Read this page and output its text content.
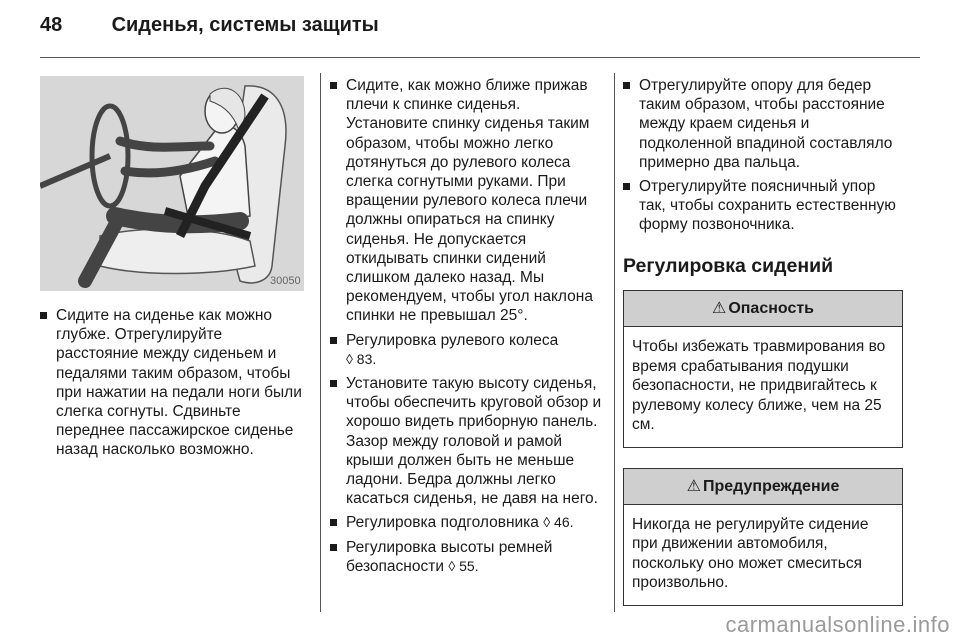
48 Сиденья, системы защиты
30050
Сидите на сиденье как можно глубже. Отрегулируйте расстояние между сиденьем и педалями таким образом, чтобы при нажатии на педали ноги были слегка согнуты. Сдвиньте переднее пассажирское сиденье назад насколько возможно.
Сидите, как можно ближе прижав плечи к спинке сиденья. Установите спинку сиденья таким образом, чтобы можно легко дотянуться до рулевого колеса слегка согнутыми руками. При вращении рулевого колеса плечи должны опираться на спинку сиденья. Не допускается откидывать спинки сидений слишком далеко назад. Мы рекомендуем, чтобы угол наклона спинки не превышал 25°.
Регулировка рулевого колеса
◊ 83.
Установите такую высоту сиденья, чтобы обеспечить круговой обзор и хорошо видеть приборную панель. Зазор между головой и рамой крыши должен быть не меньше ладони. Бедра должны легко касаться сиденья, не давя на него.
Регулировка подголовника ◊ 46.
Регулировка высоты ремней безопасности ◊ 55.
Отрегулируйте опору для бедер таким образом, чтобы расстояние между краем сиденья и подколенной впадиной составляло примерно два пальца.
Отрегулируйте поясничный упор так, чтобы сохранить естественную форму позвоночника.
Регулировка сидений
⚠ Опасность
Чтобы избежать травмирования во время срабатывания подушки безопасности, не придвигайтесь к рулевому колесу ближе, чем на 25 см.
⚠ Предупреждение
Никогда не регулируйте сидение при движении автомобиля, поскольку оно может смеситься произвольно.
carmanualsonline.info
